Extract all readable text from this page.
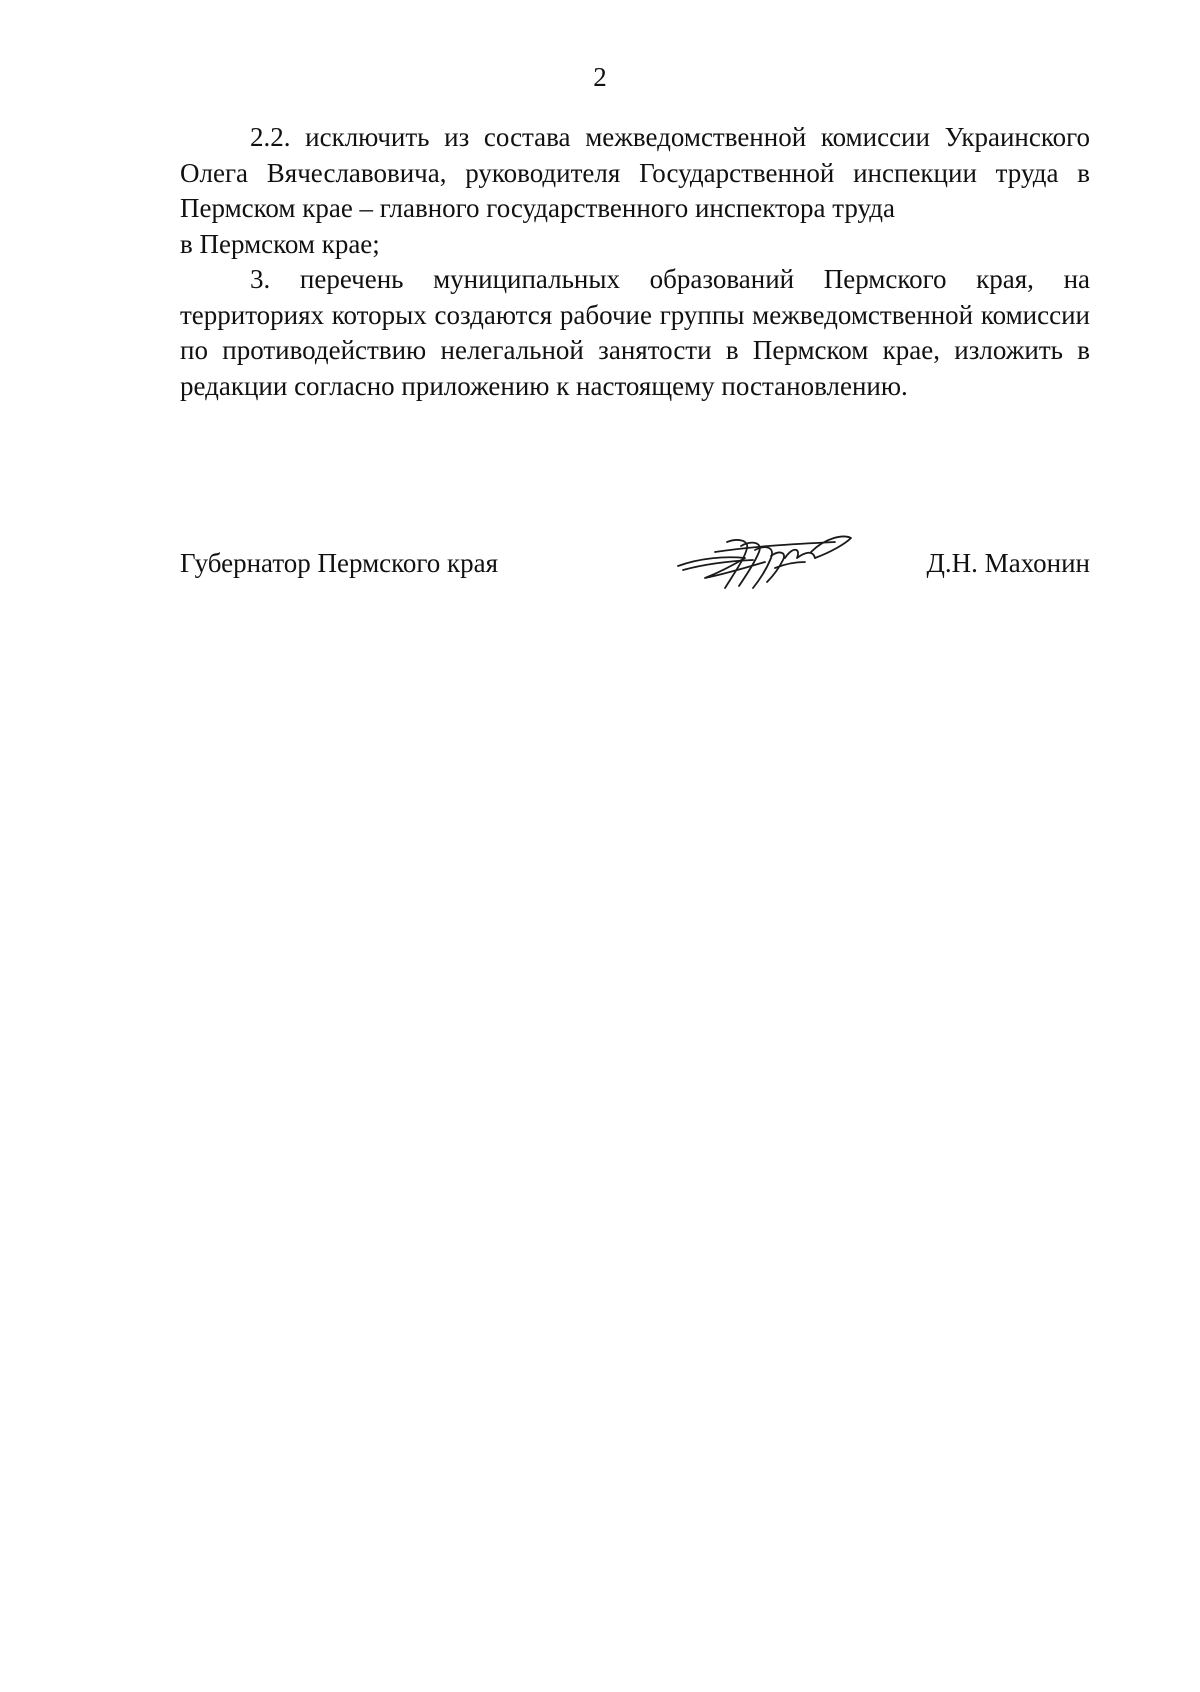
2

2.2. исключить из состава межведомственной комиссии Украинского Олега Вячеславовича, руководителя Государственной инспекции труда в Пермском крае – главного государственного инспектора труда
в Пермском крае;

3. перечень муниципальных образований Пермского края, на территориях которых создаются рабочие группы межведомственной комиссии по противодействию нелегальной занятости в Пермском крае, изложить в редакции согласно приложению к настоящему постановлению.

Губернатор Пермского края	Д.Н. Махонин
